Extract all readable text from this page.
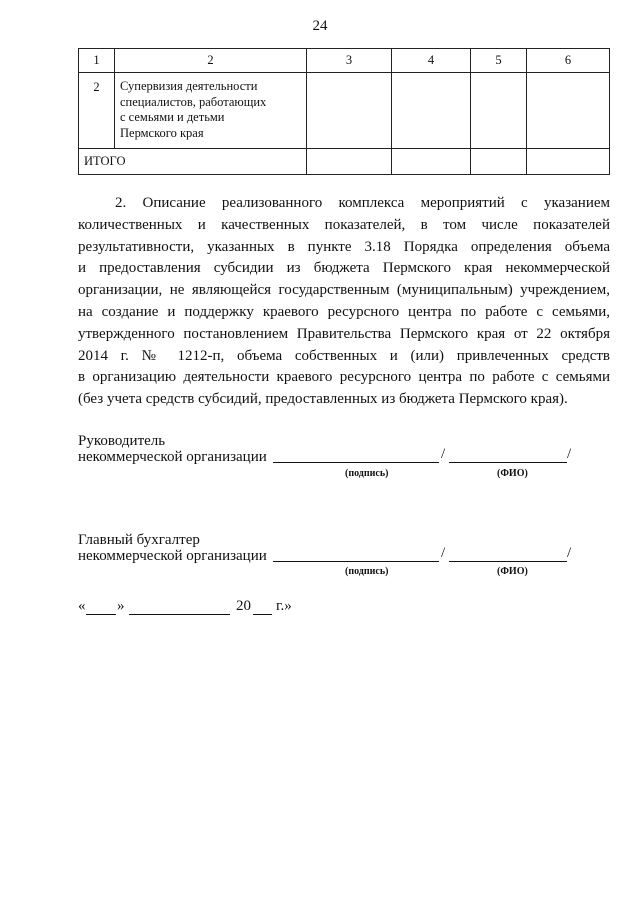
24
1	2	3	4	5	6
2	Супервизия деятельности
специалистов, работающих
с семьями и детьми
Пермского края				
ИТОГО					
2. Описание реализованного комплекса мероприятий с указанием
количественных и качественных показателей, в том числе показателей
результативности, указанных в пункте 3.18 Порядка определения объема
и предоставления субсидии из бюджета Пермского края некоммерческой
организации, не являющейся государственным (муниципальным) учреждением,
на создание и поддержку краевого ресурсного центра по работе с семьями,
утвержденного постановлением Правительства Пермского края от 22 октября
2014 г. № 1212-п, объема собственных и (или) привлеченных средств
в организацию деятельности краевого ресурсного центра по работе с семьями
(без учета средств субсидий, предоставленных из бюджета Пермского края).
Руководитель
некоммерческой организации	/	/
(подпись)	(ФИО)
Главный бухгалтер
некоммерческой организации	/	/
(подпись)	(ФИО)
« »	20 г.»
